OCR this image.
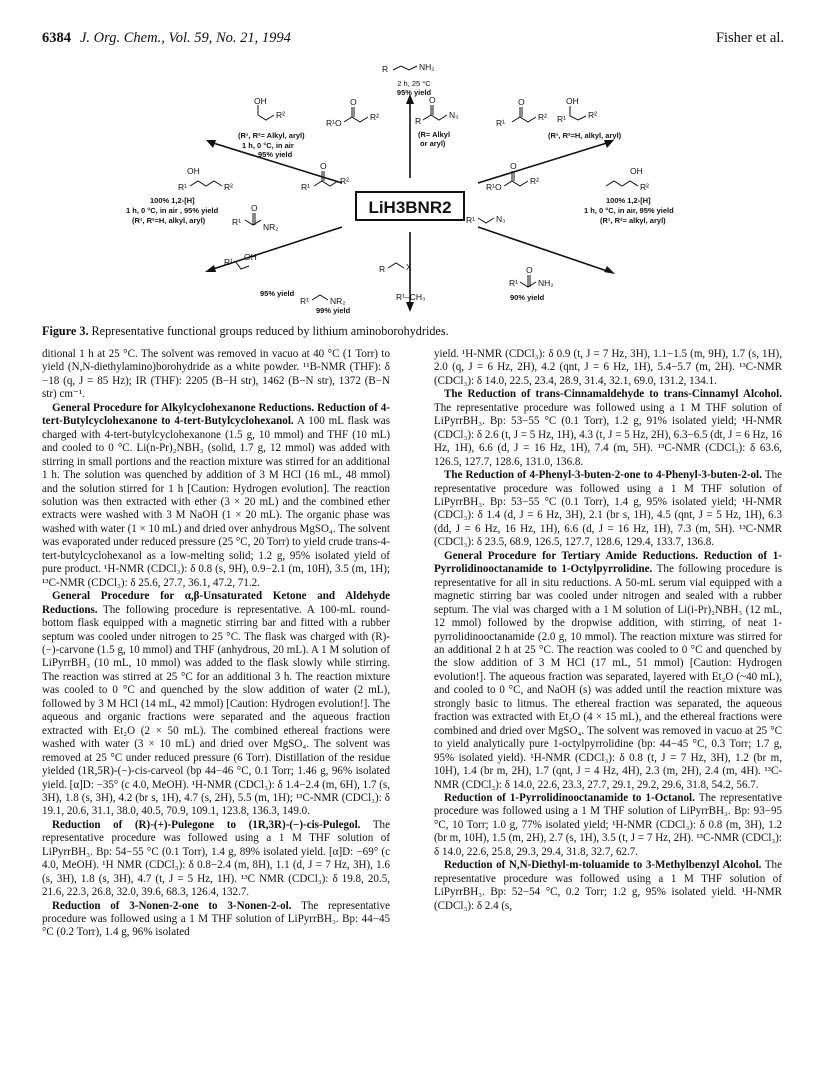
6384 J. Org. Chem., Vol. 59, No. 21, 1994	Fisher et al.
LiH3BNR2
R	NH₂
OH
R²
R¹O
R²
O
R
N₃
O
R¹
R²
O	OH
R²
R¹
OH
R¹	R²	R¹
R²
O
R¹O
R²
O	OH
R²
R¹	NR₂
O
R¹ N₃
OH
R¹
R¹ NR₂
R X
R¹ NH₂
O
2 h, 25 °C
95% yield
(R¹, R²= Alkyl, aryl)
1 h, 0 °C, in air
95% yield
(R= Alkyl
or aryl)
(R¹, R²=H, alkyl, aryl)
100% 1,2-[H]
1 h, 0 °C, in air , 95% yield
(R¹, R²=H, alkyl, aryl)
100% 1,2-[H]
1 h, 0 °C, in air, 95% yield
(R¹, R²= alkyl, aryl)
95% yield
99% yield
R¹–CH₃	90% yield
Figure 3. Representative functional groups reduced by lithium aminoborohydrides.

ditional 1 h at 25 °C. The solvent was removed in vacuo at 40 °C (1 Torr) to yield (N,N-diethylamino)borohydride as a white powder. ¹¹B-NMR (THF): δ −18 (q, J = 85 Hz); IR (THF): 2205 (B−H str), 1462 (B−N str), 1372 (B−N str) cm⁻¹.

General Procedure for Alkylcyclohexanone Reductions. Reduction of 4-tert-Butylcyclohexanone to 4-tert-Butylcyclohexanol. A 100 mL flask was charged with 4-tert-butylcyclohexanone (1.5 g, 10 mmol) and THF (10 mL) and cooled to 0 °C. Li(n-Pr)₂NBH₃ (solid, 1.7 g, 12 mmol) was added with stirring in small portions and the reaction mixture was stirred for an additional 1 h. The solution was quenched by addition of 3 M HCl (16 mL, 48 mmol) and the solution stirred for 1 h [Caution: Hydrogen evolution]. The reaction solution was then extracted with ether (3 × 20 mL) and the combined ether extracts were washed with 3 M NaOH (1 × 20 mL). The organic phase was washed with water (1 × 10 mL) and dried over anhydrous MgSO₄. The solvent was evaporated under reduced pressure (25 °C, 20 Torr) to yield crude trans-4-tert-butylcyclohexanol as a low-melting solid; 1.2 g, 95% isolated yield of pure product. ¹H-NMR (CDCl₃): δ 0.8 (s, 9H), 0.9−2.1 (m, 10H), 3.5 (m, 1H); ¹³C-NMR (CDCl₃): δ 25.6, 27.7, 36.1, 47.2, 71.2.

General Procedure for α,β-Unsaturated Ketone and Aldehyde Reductions. The following procedure is representative. A 100-mL round-bottom flask equipped with a magnetic stirring bar and fitted with a rubber septum was cooled under nitrogen to 25 °C. The flask was charged with (R)-(−)-carvone (1.5 g, 10 mmol) and THF (anhydrous, 20 mL). A 1 M solution of LiPyrrBH₃ (10 mL, 10 mmol) was added to the flask slowly while stirring. The reaction was stirred at 25 °C for an additional 3 h. The reaction mixture was cooled to 0 °C and quenched by the slow addition of water (2 mL), followed by 3 M HCl (14 mL, 42 mmol) [Caution: Hydrogen evolution!]. The aqueous and organic fractions were separated and the aqueous fraction extracted with Et₂O (2 × 50 mL). The combined ethereal fractions were washed with water (3 × 10 mL) and dried over MgSO₄. The solvent was removed at 25 °C under reduced pressure (6 Torr). Distillation of the residue yielded (1R,5R)-(−)-cis-carveol (bp 44−46 °C, 0.1 Torr; 1.46 g, 96% isolated yield. [α]D: −35° (c 4.0, MeOH). ¹H-NMR (CDCl₃): δ 1.4−2.4 (m, 6H), 1.7 (s, 3H), 1.8 (s, 3H), 4.2 (br s, 1H), 4.7 (s, 2H), 5.5 (m, 1H); ¹³C-NMR (CDCl₃): δ 19.1, 20.6, 31.1, 38.0, 40.5, 70.9, 109.1, 123.8, 136.3, 149.0.

Reduction of (R)-(+)-Pulegone to (1R,3R)-(−)-cis-Pulegol. The representative procedure was followed using a 1 M THF solution of LiPyrrBH₃. Bp: 54−55 °C (0.1 Torr), 1.4 g, 89% isolated yield. [α]D: −69° (c 4.0, MeOH). ¹H NMR (CDCl₃): δ 0.8−2.4 (m, 8H), 1.1 (d, J = 7 Hz, 3H), 1.6 (s, 3H), 1.8 (s, 3H), 4.7 (t, J = 5 Hz, 1H). ¹³C NMR (CDCl₃): δ 19.8, 20.5, 21.6, 22.3, 26.8, 32.0, 39.6, 68.3, 126.4, 132.7.

Reduction of 3-Nonen-2-one to 3-Nonen-2-ol. The representative procedure was followed using a 1 M THF solution of LiPyrrBH₃. Bp: 44−45 °C (0.2 Torr), 1.4 g, 96% isolated

yield. ¹H-NMR (CDCl₃): δ 0.9 (t, J = 7 Hz, 3H), 1.1−1.5 (m, 9H), 1.7 (s, 1H), 2.0 (q, J = 6 Hz, 2H), 4.2 (qnt, J = 6 Hz, 1H), 5.4−5.7 (m, 2H). ¹³C-NMR (CDCl₃): δ 14.0, 22.5, 23.4, 28.9, 31.4, 32.1, 69.0, 131.2, 134.1.

The Reduction of trans-Cinnamaldehyde to trans-Cinnamyl Alcohol. The representative procedure was followed using a 1 M THF solution of LiPyrrBH₃. Bp: 53−55 °C (0.1 Torr), 1.2 g, 91% isolated yield; ¹H-NMR (CDCl₃): δ 2.6 (t, J = 5 Hz, 1H), 4.3 (t, J = 5 Hz, 2H), 6.3−6.5 (dt, J = 6 Hz, 16 Hz, 1H), 6.6 (d, J = 16 Hz, 1H), 7.4 (m, 5H). ¹³C-NMR (CDCl₃): δ 63.6, 126.5, 127.7, 128.6, 131.0, 136.8.

The Reduction of 4-Phenyl-3-buten-2-one to 4-Phenyl-3-buten-2-ol. The representative procedure was followed using a 1 M THF solution of LiPyrrBH₃. Bp: 53−55 °C (0.1 Torr), 1.4 g, 95% isolated yield; ¹H-NMR (CDCl₃): δ 1.4 (d, J = 6 Hz, 3H), 2.1 (br s, 1H), 4.5 (qnt, J = 5 Hz, 1H), 6.3 (dd, J = 6 Hz, 16 Hz, 1H), 6.6 (d, J = 16 Hz, 1H), 7.3 (m, 5H). ¹³C-NMR (CDCl₃): δ 23.5, 68.9, 126.5, 127.7, 128.6, 129.4, 133.7, 136.8.

General Procedure for Tertiary Amide Reductions. Reduction of 1-Pyrrolidinooctanamide to 1-Octylpyrrolidine. The following procedure is representative for all in situ reductions. A 50-mL serum vial equipped with a magnetic stirring bar was cooled under nitrogen and sealed with a rubber septum. The vial was charged with a 1 M solution of Li(i-Pr)₂NBH₃ (12 mL, 12 mmol) followed by the dropwise addition, with stirring, of neat 1-pyrrolidinooctanamide (2.0 g, 10 mmol). The reaction mixture was stirred for an additional 2 h at 25 °C. The reaction was cooled to 0 °C and quenched by the slow addition of 3 M HCl (17 mL, 51 mmol) [Caution: Hydrogen evolution!]. The aqueous fraction was separated, layered with Et₂O (~40 mL), and cooled to 0 °C, and NaOH (s) was added until the reaction mixture was strongly basic to litmus. The ethereal fraction was separated, the aqueous fraction was extracted with Et₂O (4 × 15 mL), and the ethereal fractions were combined and dried over MgSO₄. The solvent was removed in vacuo at 25 °C to yield analytically pure 1-octylpyrrolidine (bp: 44−45 °C, 0.3 Torr; 1.7 g, 95% isolated yield). ¹H-NMR (CDCl₃): δ 0.8 (t, J = 7 Hz, 3H), 1.2 (br m, 10H), 1.4 (br m, 2H), 1.7 (qnt, J = 4 Hz, 4H), 2.3 (m, 2H), 2.4 (m, 4H). ¹³C-NMR (CDCl₃): δ 14.0, 22.6, 23.3, 27.7, 29.1, 29.2, 29.6, 31.8, 54.2, 56.7.

Reduction of 1-Pyrrolidinooctanamide to 1-Octanol. The representative procedure was followed using a 1 M THF solution of LiPyrrBH₃. Bp: 93−95 °C, 10 Torr; 1.0 g, 77% isolated yield; ¹H-NMR (CDCl₃): δ 0.8 (m, 3H), 1.2 (br m, 10H), 1.5 (m, 2H), 2.7 (s, 1H), 3.5 (t, J = 7 Hz, 2H). ¹³C-NMR (CDCl₃): δ 14.0, 22.6, 25.8, 29.3, 29.4, 31.8, 32.7, 62.7.

Reduction of N,N-Diethyl-m-toluamide to 3-Methylbenzyl Alcohol. The representative procedure was followed using a 1 M THF solution of LiPyrrBH₃. Bp: 52−54 °C, 0.2 Torr; 1.2 g, 95% isolated yield. ¹H-NMR (CDCl₃): δ 2.4 (s,
